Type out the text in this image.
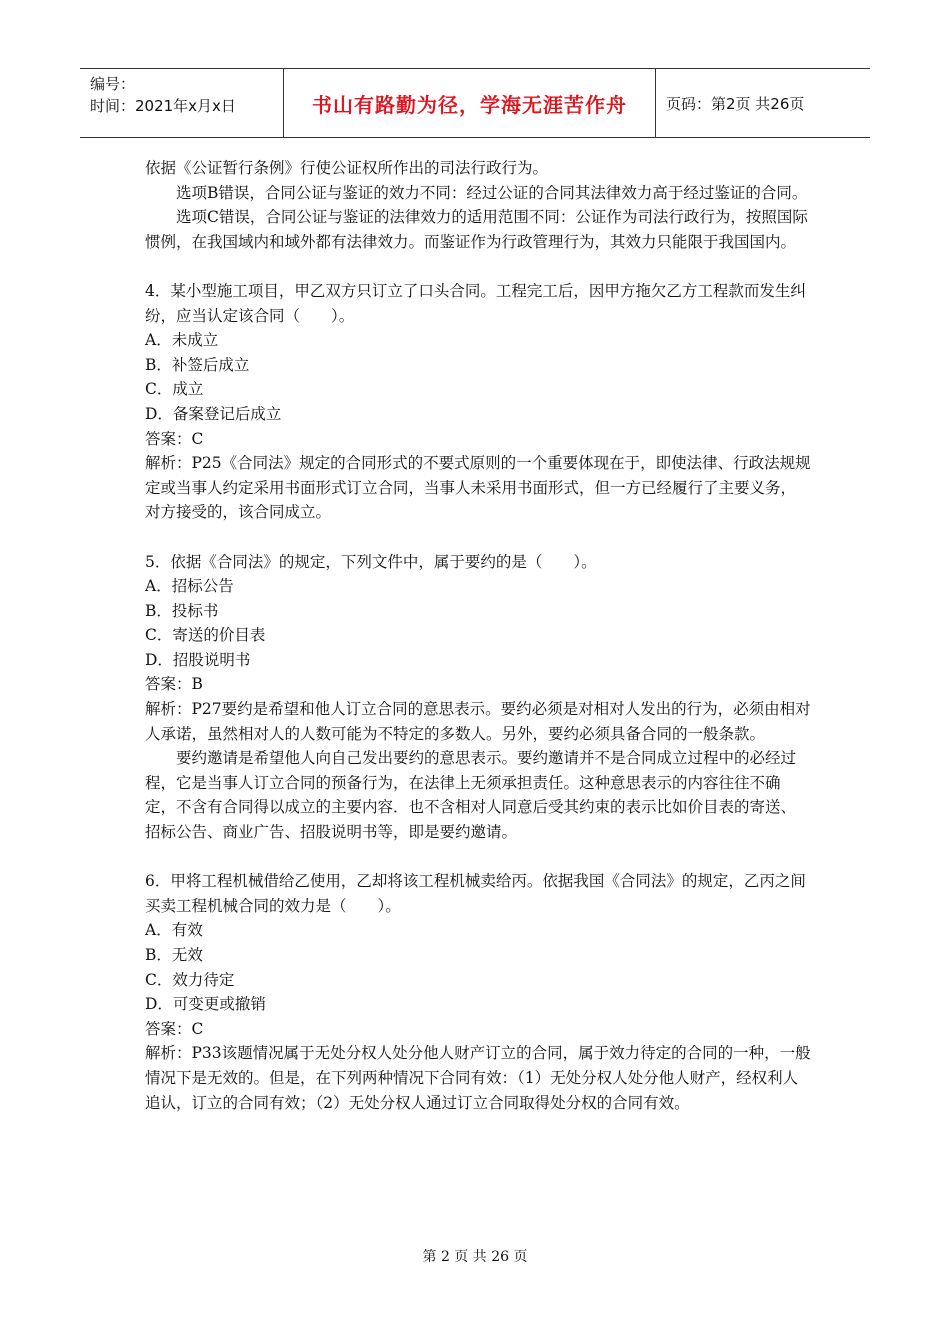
编号：
时间：2021年x月x日	书山有路勤为径，学海无涯苦作舟	页码：第2页 共26页

依据《公证暂行条例》行使公证权所作出的司法行政行为。

选项B错误，合同公证与鉴证的效力不同：经过公证的合同其法律效力高于经过鉴证的合同。

选项C错误，合同公证与鉴证的法律效力的适用范围不同：公证作为司法行政行为，按照国际惯例，在我国域内和域外都有法律效力。而鉴证作为行政管理行为，其效力只能限于我国国内。

4．某小型施工项目，甲乙双方只订立了口头合同。工程完工后，因甲方拖欠乙方工程款而发生纠纷，应当认定该合同（　　）。

A．未成立

B．补签后成立

C．成立

D．备案登记后成立

答案：C

解析：P25《合同法》规定的合同形式的不要式原则的一个重要体现在于，即使法律、行政法规规定或当事人约定采用书面形式订立合同，当事人未采用书面形式，但一方已经履行了主要义务，对方接受的，该合同成立。

5．依据《合同法》的规定，下列文件中，属于要约的是（　　）。

A．招标公告

B．投标书

C．寄送的价目表

D．招股说明书

答案：B

解析：P27要约是希望和他人订立合同的意思表示。要约必须是对相对人发出的行为，必须由相对人承诺，虽然相对人的人数可能为不特定的多数人。另外，要约必须具备合同的一般条款。

要约邀请是希望他人向自己发出要约的意思表示。要约邀请并不是合同成立过程中的必经过程，它是当事人订立合同的预备行为，在法律上无须承担责任。这种意思表示的内容往往不确定，不含有合同得以成立的主要内容．也不含相对人同意后受其约束的表示比如价目表的寄送、招标公告、商业广告、招股说明书等，即是要约邀请。

6．甲将工程机械借给乙使用，乙却将该工程机械卖给丙。依据我国《合同法》的规定，乙丙之间买卖工程机械合同的效力是（　　）。

A．有效

B．无效

C．效力待定

D．可变更或撤销

答案：C

解析：P33该题情况属于无处分权人处分他人财产订立的合同，属于效力待定的合同的一种，一般情况下是无效的。但是，在下列两种情况下合同有效：（1）无处分权人处分他人财产，经权利人追认，订立的合同有效；（2）无处分权人通过订立合同取得处分权的合同有效。

第 2 页 共 26 页
